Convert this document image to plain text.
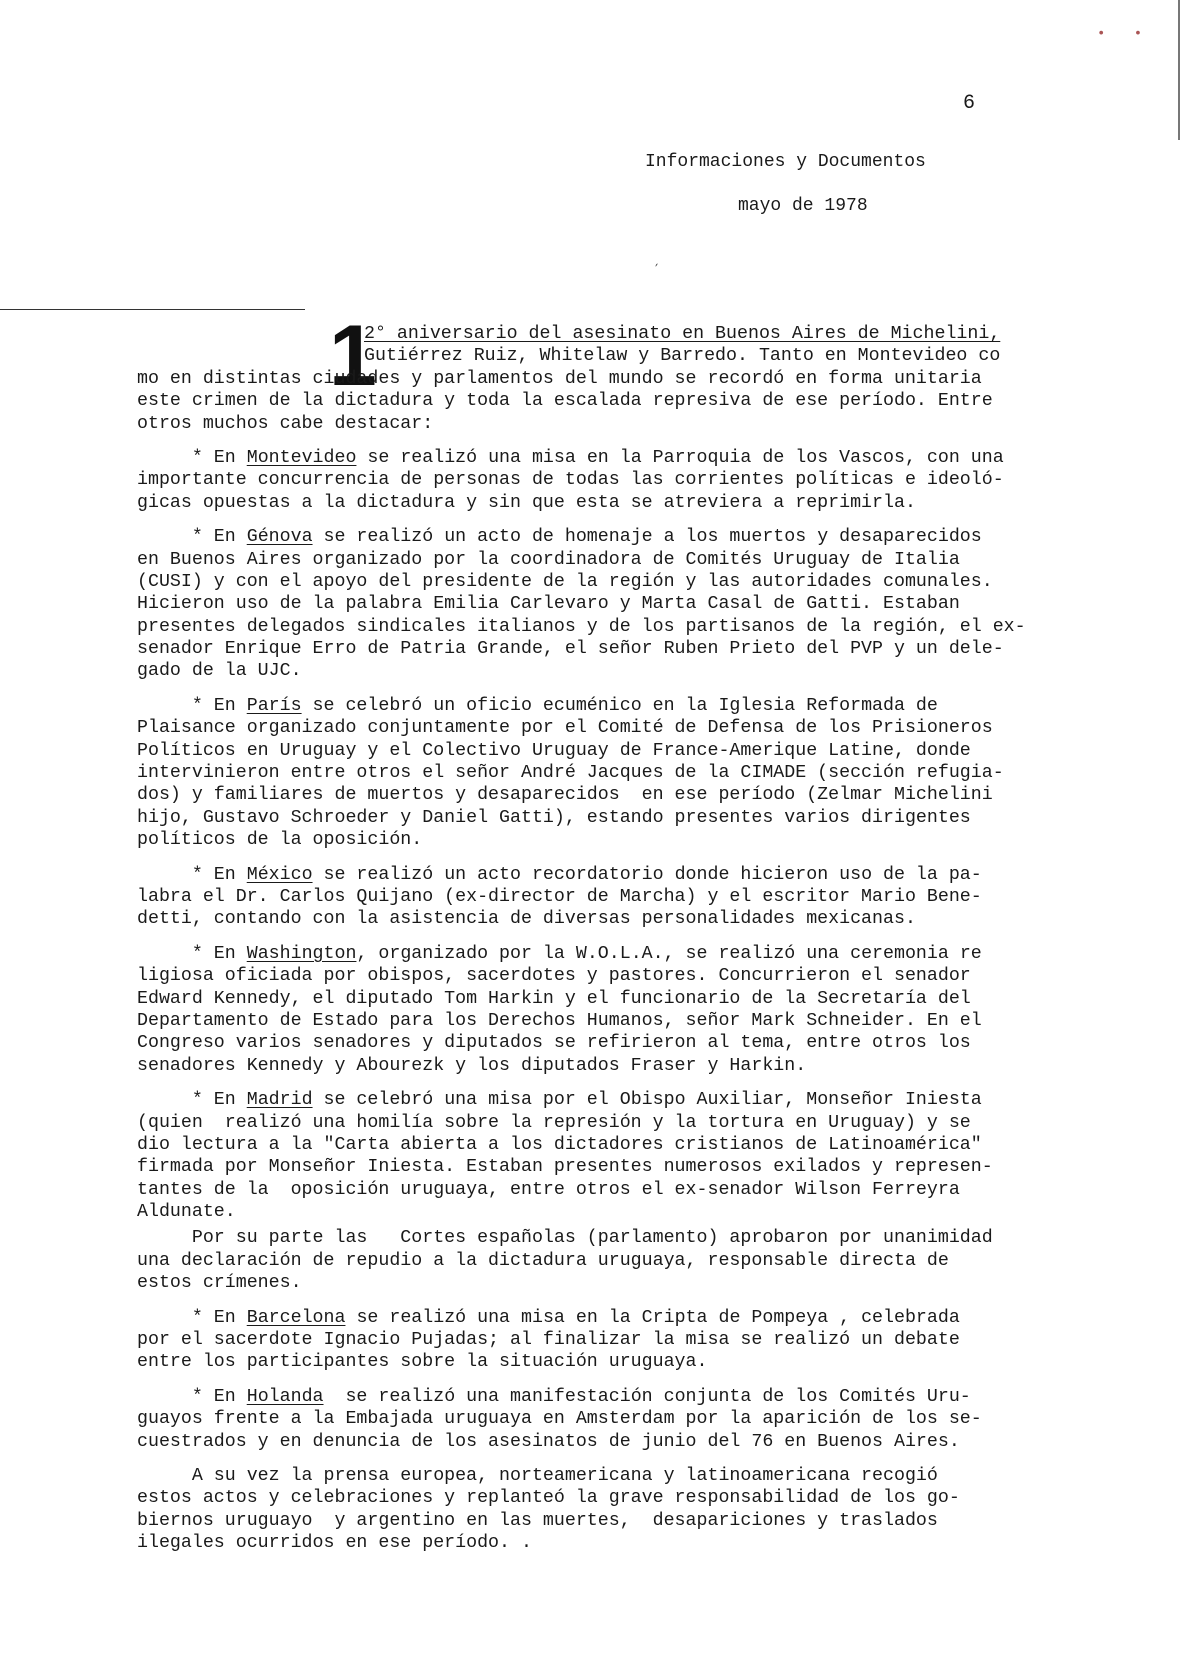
• •
6
Informaciones y Documentos
mayo de 1978
´
1
2° aniversario del asesinato en Buenos Aires de Michelini,
Gutiérrez Ruiz, Whitelaw y Barredo. Tanto en Montevideo co
mo en distintas ciudades y parlamentos del mundo se recordó en forma unitaria
este crimen de la dictadura y toda la escalada represiva de ese período. Entre
otros muchos cabe destacar:
* En Montevideo se realizó una misa en la Parroquia de los Vascos, con una
importante concurrencia de personas de todas las corrientes políticas e ideoló-
gicas opuestas a la dictadura y sin que esta se atreviera a reprimirla.
* En Génova se realizó un acto de homenaje a los muertos y desaparecidos
en Buenos Aires organizado por la coordinadora de Comités Uruguay de Italia
(CUSI) y con el apoyo del presidente de la región y las autoridades comunales.
Hicieron uso de la palabra Emilia Carlevaro y Marta Casal de Gatti. Estaban
presentes delegados sindicales italianos y de los partisanos de la región, el ex-
senador Enrique Erro de Patria Grande, el señor Ruben Prieto del PVP y un dele-
gado de la UJC.
* En París se celebró un oficio ecuménico en la Iglesia Reformada de
Plaisance organizado conjuntamente por el Comité de Defensa de los Prisioneros
Políticos en Uruguay y el Colectivo Uruguay de France-Amerique Latine, donde
intervinieron entre otros el señor André Jacques de la CIMADE (sección refugia-
dos) y familiares de muertos y desaparecidos  en ese período (Zelmar Michelini
hijo, Gustavo Schroeder y Daniel Gatti), estando presentes varios dirigentes
políticos de la oposición.
* En México se realizó un acto recordatorio donde hicieron uso de la pa-
labra el Dr. Carlos Quijano (ex-director de Marcha) y el escritor Mario Bene-
detti, contando con la asistencia de diversas personalidades mexicanas.
* En Washington, organizado por la W.O.L.A., se realizó una ceremonia re
ligiosa oficiada por obispos, sacerdotes y pastores. Concurrieron el senador
Edward Kennedy, el diputado Tom Harkin y el funcionario de la Secretaría del
Departamento de Estado para los Derechos Humanos, señor Mark Schneider. En el
Congreso varios senadores y diputados se refirieron al tema, entre otros los
senadores Kennedy y Abourezk y los diputados Fraser y Harkin.
* En Madrid se celebró una misa por el Obispo Auxiliar, Monseñor Iniesta
(quien  realizó una homilía sobre la represión y la tortura en Uruguay) y se
dio lectura a la "Carta abierta a los dictadores cristianos de Latinoamérica"
firmada por Monseñor Iniesta. Estaban presentes numerosos exilados y represen-
tantes de la  oposición uruguaya, entre otros el ex-senador Wilson Ferreyra
Aldunate.
Por su parte las   Cortes españolas (parlamento) aprobaron por unanimidad
una declaración de repudio a la dictadura uruguaya, responsable directa de
estos crímenes.
* En Barcelona se realizó una misa en la Cripta de Pompeya , celebrada
por el sacerdote Ignacio Pujadas; al finalizar la misa se realizó un debate
entre los participantes sobre la situación uruguaya.
* En Holanda  se realizó una manifestación conjunta de los Comités Uru-
guayos frente a la Embajada uruguaya en Amsterdam por la aparición de los se-
cuestrados y en denuncia de los asesinatos de junio del 76 en Buenos Aires.
A su vez la prensa europea, norteamericana y latinoamericana recogió
estos actos y celebraciones y replanteó la grave responsabilidad de los go-
biernos uruguayo  y argentino en las muertes,  desapariciones y traslados
ilegales ocurridos en ese período. .
